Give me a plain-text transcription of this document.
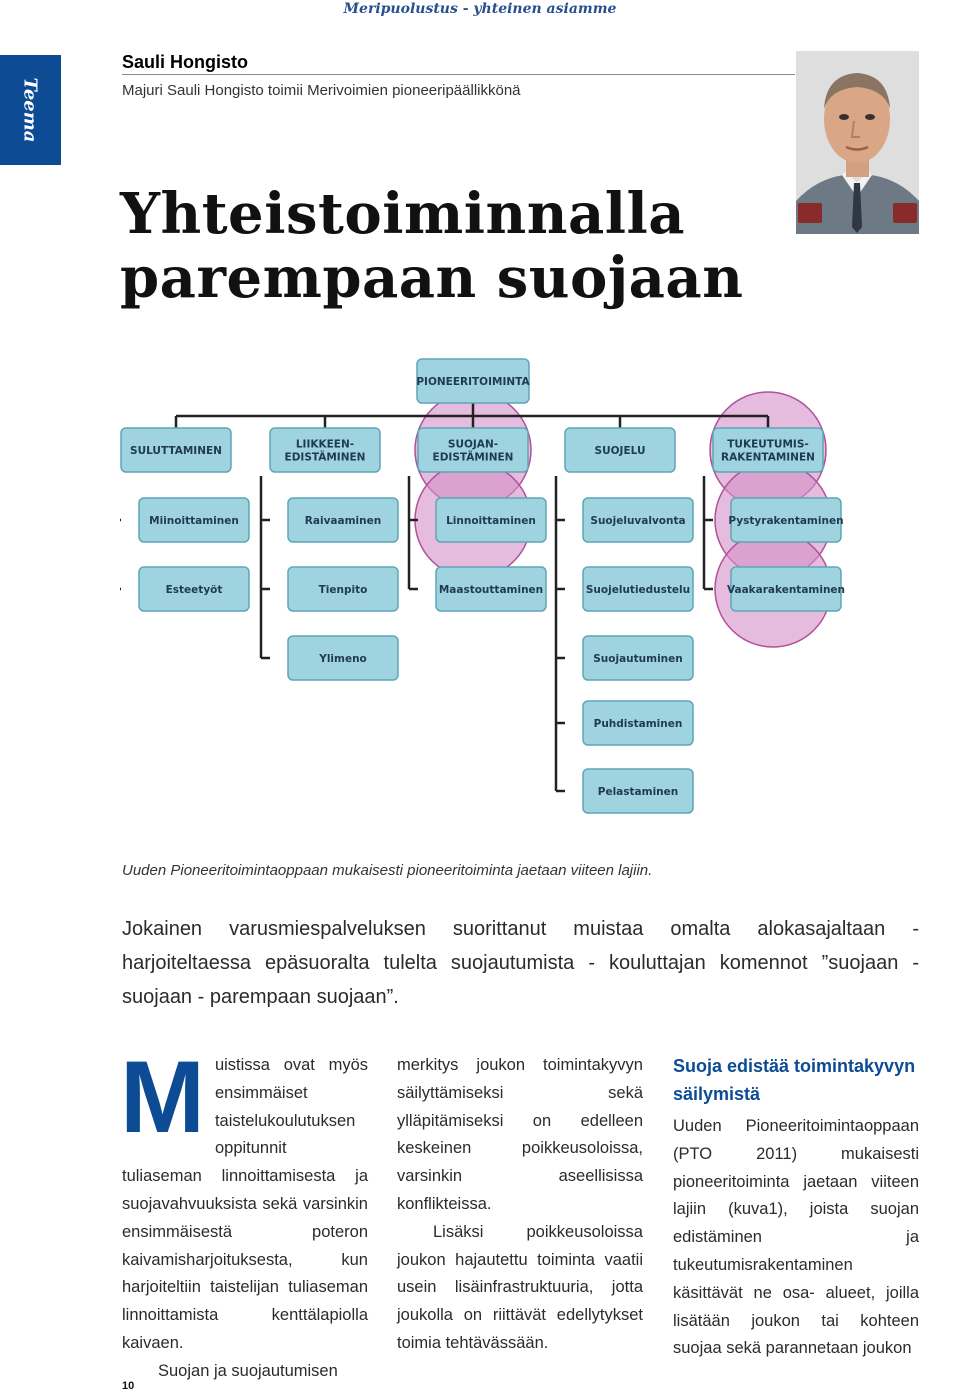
Meripuolustus - yhteinen asiamme
Teema
Sauli Hongisto
Majuri Sauli Hongisto toimii Merivoimien pioneeripäällikkönä
Yhteistoiminnalla
parempaan suojaan
PIONEERITOIMINTA
SULUTTAMINEN
Miinoittaminen
Esteetyöt
LIIKKEEN-
EDISTÄMINEN
Raivaaminen
Tienpito
Ylimeno
SUOJAN-
EDISTÄMINEN
Linnoittaminen
Maastouttaminen
SUOJELU
Suojeluvalvonta
Suojelutiedustelu
Suojautuminen
Puhdistaminen
Pelastaminen
TUKEUTUMIS-
RAKENTAMINEN
Pystyrakentaminen
Vaakarakentaminen

Uuden Pioneeritoimintaoppaan mukaisesti pioneeritoiminta jaetaan viiteen lajiin.

Jokainen varusmiespalveluksen suorittanut muistaa omalta alokasajaltaan - harjoiteltaessa epäsuoralta tulelta suojautumista - kouluttajan komennot ”suojaan - suojaan - parempaan suojaan”.

M uistissa ovat myös ensimmäiset taistelukoulutuksen oppitunnit tuliaseman linnoittamisesta ja suojavahvuuksista sekä varsinkin ensimmäisestä poteron kaivamisharjoituksesta, kun harjoiteltiin taistelijan tuliaseman linnoittamista kenttälapiolla kaivaen.

Suojan ja suojautumisen

merkitys joukon toimintakyvyn säilyttämiseksi sekä ylläpitämiseksi on edelleen keskeinen poikkeusoloissa, varsinkin aseellisissa konflikteissa.

Lisäksi poikkeusoloissa joukon hajautettu toiminta vaatii usein lisäinfrastruktuuria, jotta joukolla on riittävät edellytykset toimia tehtävässään.

Suoja edistää toimintakyvyn säilymistä

Uuden Pioneeritoimintaoppaan (PTO 2011) mukaisesti pioneeritoiminta jaetaan viiteen lajiin (kuva1), joista suojan edistäminen ja tukeutumisrakentaminen käsittävät ne osa- alueet, joilla lisätään joukon tai kohteen suojaa sekä parannetaan joukon

10
